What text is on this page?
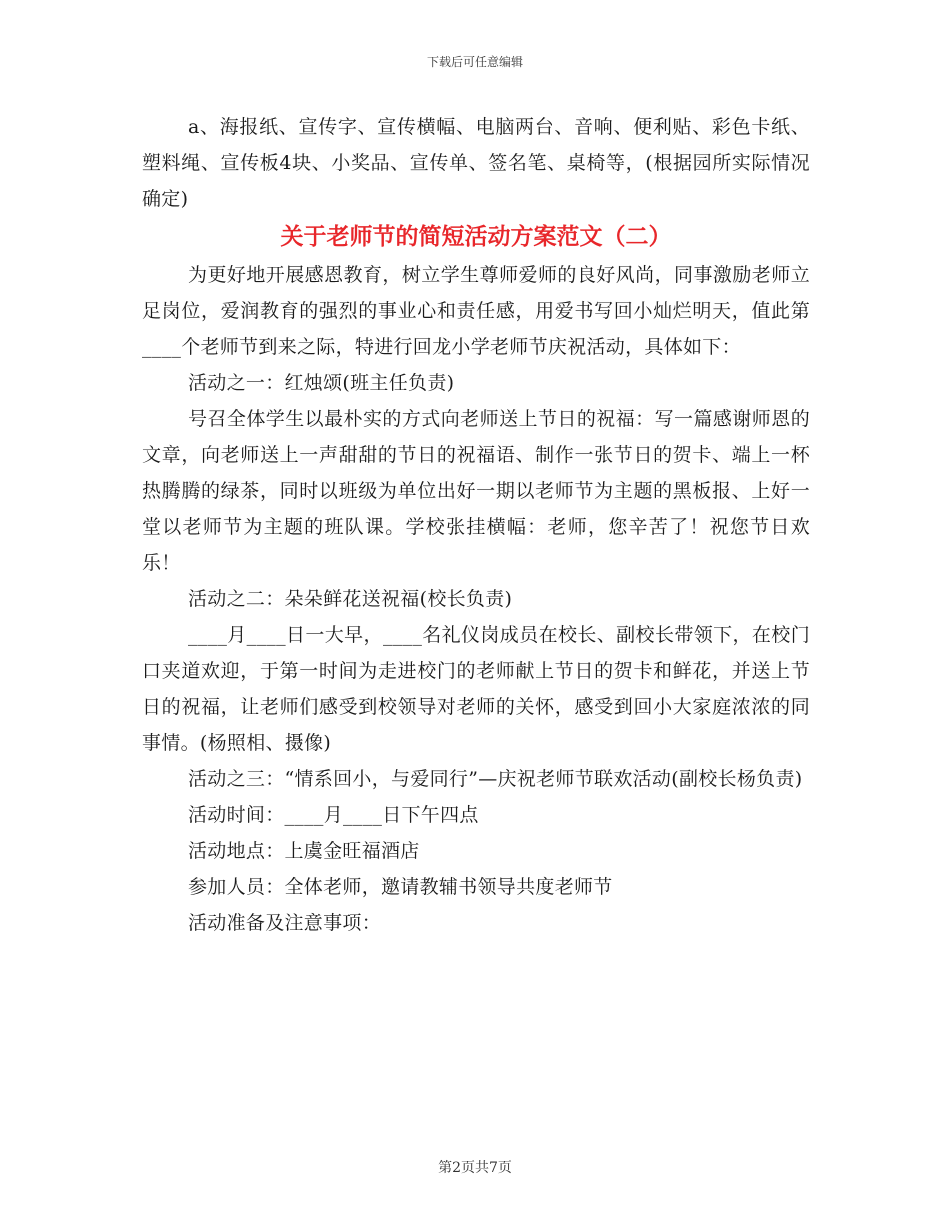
下载后可任意编辑

a、海报纸、宣传字、宣传横幅、电脑两台、音响、便利贴、彩色卡纸、塑料绳、宣传板4块、小奖品、宣传单、签名笔、桌椅等，(根据园所实际情况确定)

关于老师节的简短活动方案范文（二）

为更好地开展感恩教育，树立学生尊师爱师的良好风尚，同事激励老师立足岗位，爱润教育的强烈的事业心和责任感，用爱书写回小灿烂明天，值此第____个老师节到来之际，特进行回龙小学老师节庆祝活动，具体如下：

活动之一：红烛颂(班主任负责)

号召全体学生以最朴实的方式向老师送上节日的祝福：写一篇感谢师恩的文章，向老师送上一声甜甜的节日的祝福语、制作一张节日的贺卡、端上一杯热腾腾的绿茶，同时以班级为单位出好一期以老师节为主题的黑板报、上好一堂以老师节为主题的班队课。学校张挂横幅：老师，您辛苦了！祝您节日欢乐！

活动之二：朵朵鲜花送祝福(校长负责)

____月____日一大早，____名礼仪岗成员在校长、副校长带领下，在校门口夹道欢迎，于第一时间为走进校门的老师献上节日的贺卡和鲜花，并送上节日的祝福，让老师们感受到校领导对老师的关怀，感受到回小大家庭浓浓的同事情。(杨照相、摄像)

活动之三：“情系回小，与爱同行”—庆祝老师节联欢活动(副校长杨负责)

活动时间：____月____日下午四点

活动地点：上虞金旺福酒店

参加人员：全体老师，邀请教辅书领导共度老师节

活动准备及注意事项：

第2页共7页
